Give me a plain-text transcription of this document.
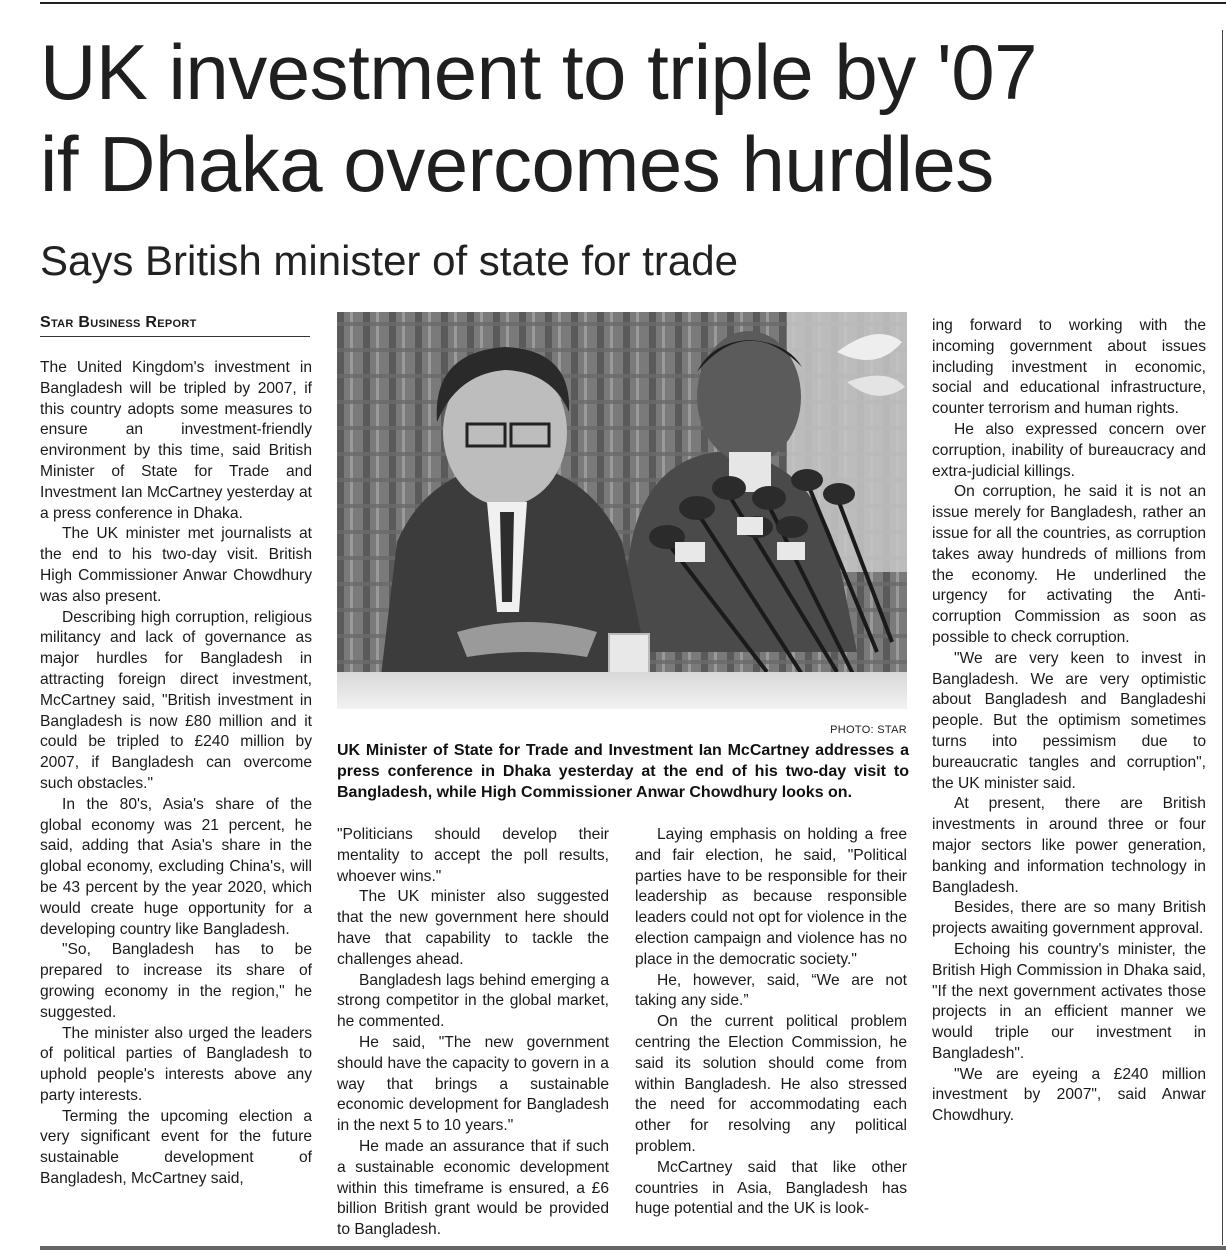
UK investment to triple by '07
if Dhaka overcomes hurdles
Says British minister of state for trade
Star Business Report

The United Kingdom's investment in Bangladesh will be tripled by 2007, if this country adopts some measures to ensure an investment-friendly environment by this time, said British Minister of State for Trade and Investment Ian McCartney yesterday at a press conference in Dhaka.

The UK minister met journalists at the end to his two-day visit. British High Commissioner Anwar Chowdhury was also present.

Describing high corruption, religious militancy and lack of governance as major hurdles for Bangladesh in attracting foreign direct investment, McCartney said, "British investment in Bangladesh is now £80 million and it could be tripled to £240 million by 2007, if Bangladesh can overcome such obstacles."

In the 80's, Asia's share of the global economy was 21 percent, he said, adding that Asia's share in the global economy, excluding China's, will be 43 percent by the year 2020, which would create huge opportunity for a developing country like Bangladesh.

"So, Bangladesh has to be prepared to increase its share of growing economy in the region," he suggested.

The minister also urged the leaders of political parties of Bangladesh to uphold people's interests above any party interests.

Terming the upcoming election a very significant event for the future sustainable development of Bangladesh, McCartney said,

PHOTO: STAR

UK Minister of State for Trade and Investment Ian McCartney addresses a press conference in Dhaka yesterday at the end of his two-day visit to Bangladesh, while High Commissioner Anwar Chowdhury looks on.

"Politicians should develop their mentality to accept the poll results, whoever wins."

The UK minister also suggested that the new government here should have that capability to tackle the challenges ahead.

Bangladesh lags behind emerging a strong competitor in the global market, he commented.

He said, "The new government should have the capacity to govern in a way that brings a sustainable economic development for Bangladesh in the next 5 to 10 years."

He made an assurance that if such a sustainable economic development within this timeframe is ensured, a £6 billion British grant would be provided to Bangladesh.

Laying emphasis on holding a free and fair election, he said, "Political parties have to be responsible for their leadership as because responsible leaders could not opt for violence in the election campaign and violence has no place in the democratic society."

He, however, said, “We are not taking any side.”

On the current political problem centring the Election Commission, he said its solution should come from within Bangladesh. He also stressed the need for accommodating each other for resolving any political problem.

McCartney said that like other countries in Asia, Bangladesh has huge potential and the UK is look-

ing forward to working with the incoming government about issues including investment in economic, social and educational infrastructure, counter terrorism and human rights.

He also expressed concern over corruption, inability of bureaucracy and extra-judicial killings.

On corruption, he said it is not an issue merely for Bangladesh, rather an issue for all the countries, as corruption takes away hundreds of millions from the economy. He underlined the urgency for activating the Anti-corruption Commission as soon as possible to check corruption.

"We are very keen to invest in Bangladesh. We are very optimistic about Bangladesh and Bangladeshi people. But the optimism sometimes turns into pessimism due to bureaucratic tangles and corruption", the UK minister said.

At present, there are British investments in around three or four major sectors like power generation, banking and information technology in Bangladesh.

Besides, there are so many British projects awaiting government approval.

Echoing his country's minister, the British High Commission in Dhaka said, "If the next government activates those projects in an efficient manner we would triple our investment in Bangladesh".

"We are eyeing a £240 million investment by 2007", said Anwar Chowdhury.
